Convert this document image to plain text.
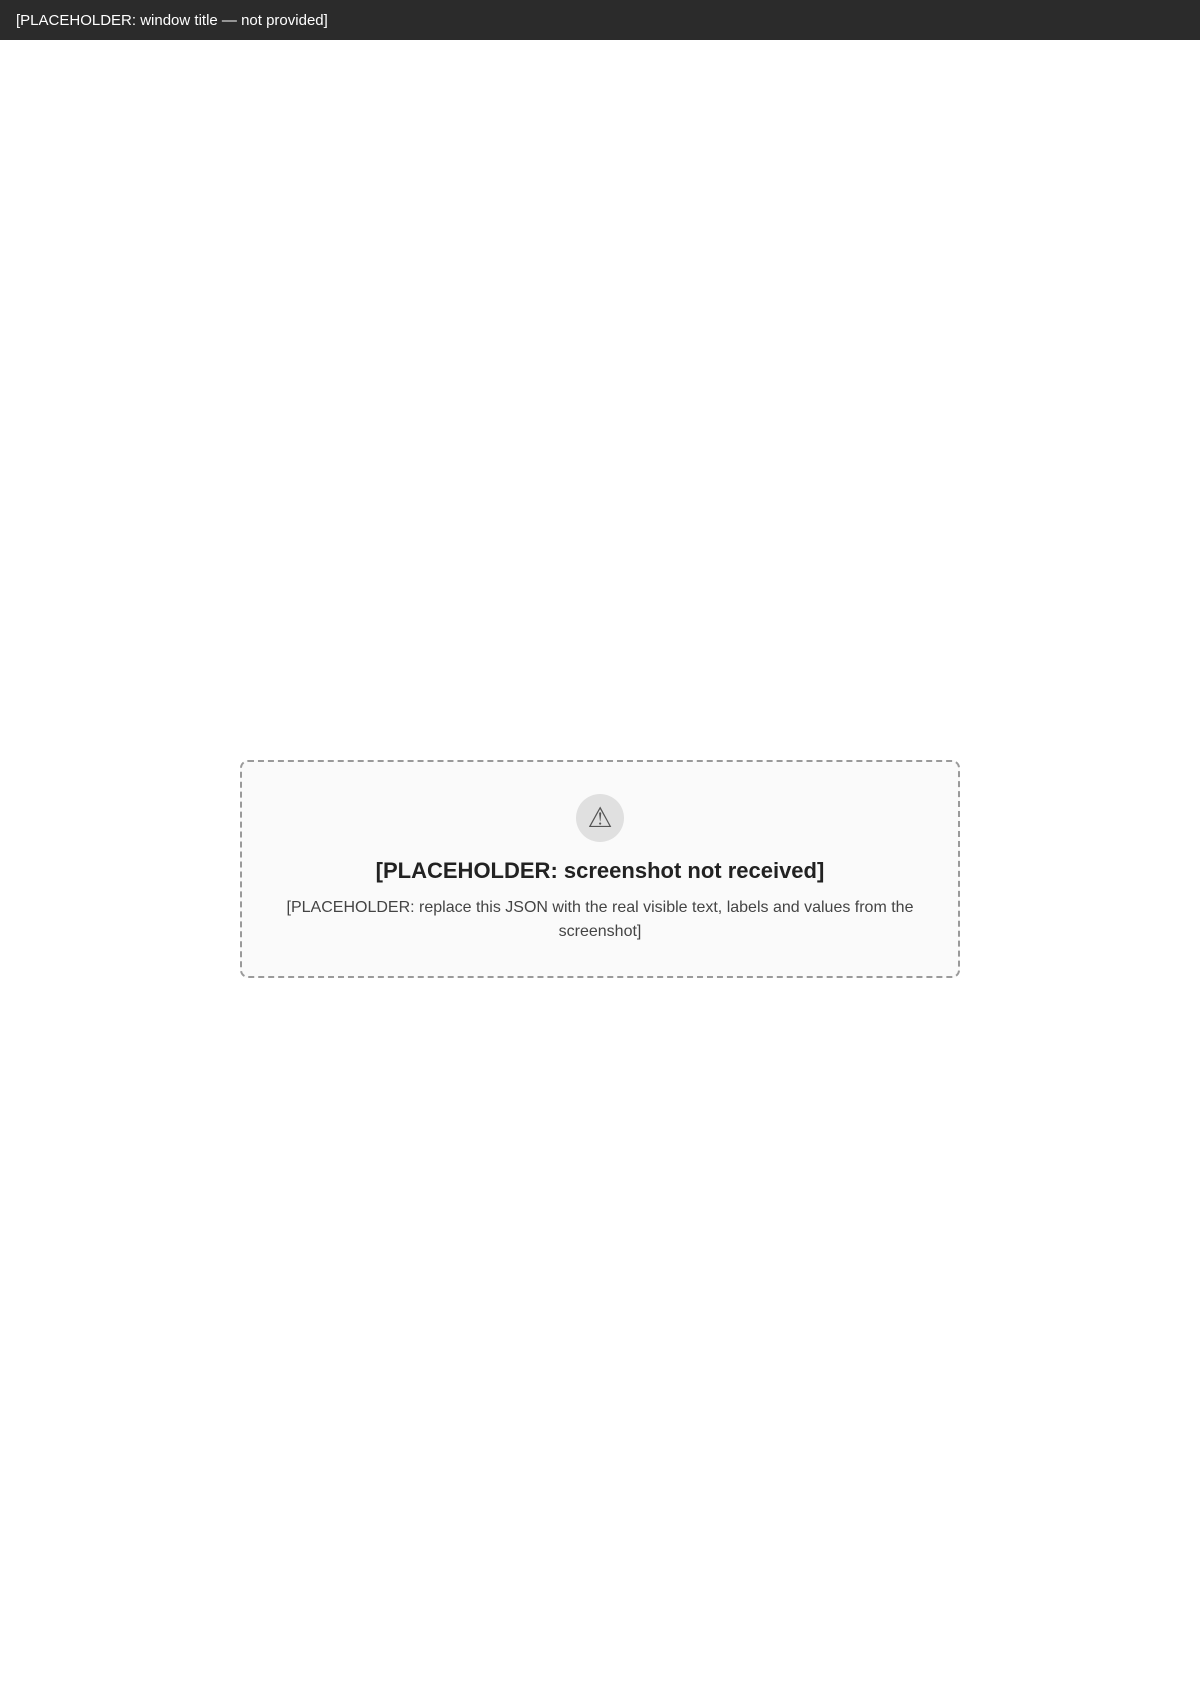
[PLACEHOLDER: window title — not provided]
⚠

[PLACEHOLDER: screenshot not received]

[PLACEHOLDER: replace this JSON with the real visible text, labels and values from the screenshot]
